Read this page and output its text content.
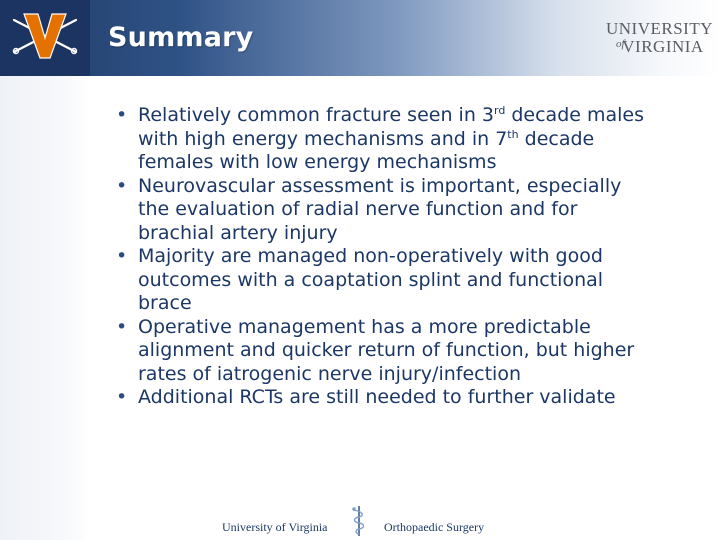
Summary	UNIVERSITY
of
VIRGINIA
• Relatively common fracture seen in 3rd decade males with high energy mechanisms and in 7th decade females with low energy mechanisms
• Neurovascular assessment is important, especially the evaluation of radial nerve function and for brachial artery injury
• Majority are managed non-operatively with good outcomes with a coaptation splint and functional brace
• Operative management has a more predictable alignment and quicker return of function, but higher rates of iatrogenic nerve injury/infection
• Additional RCTs are still needed to further validate
University of Virginia	Orthopaedic Surgery
